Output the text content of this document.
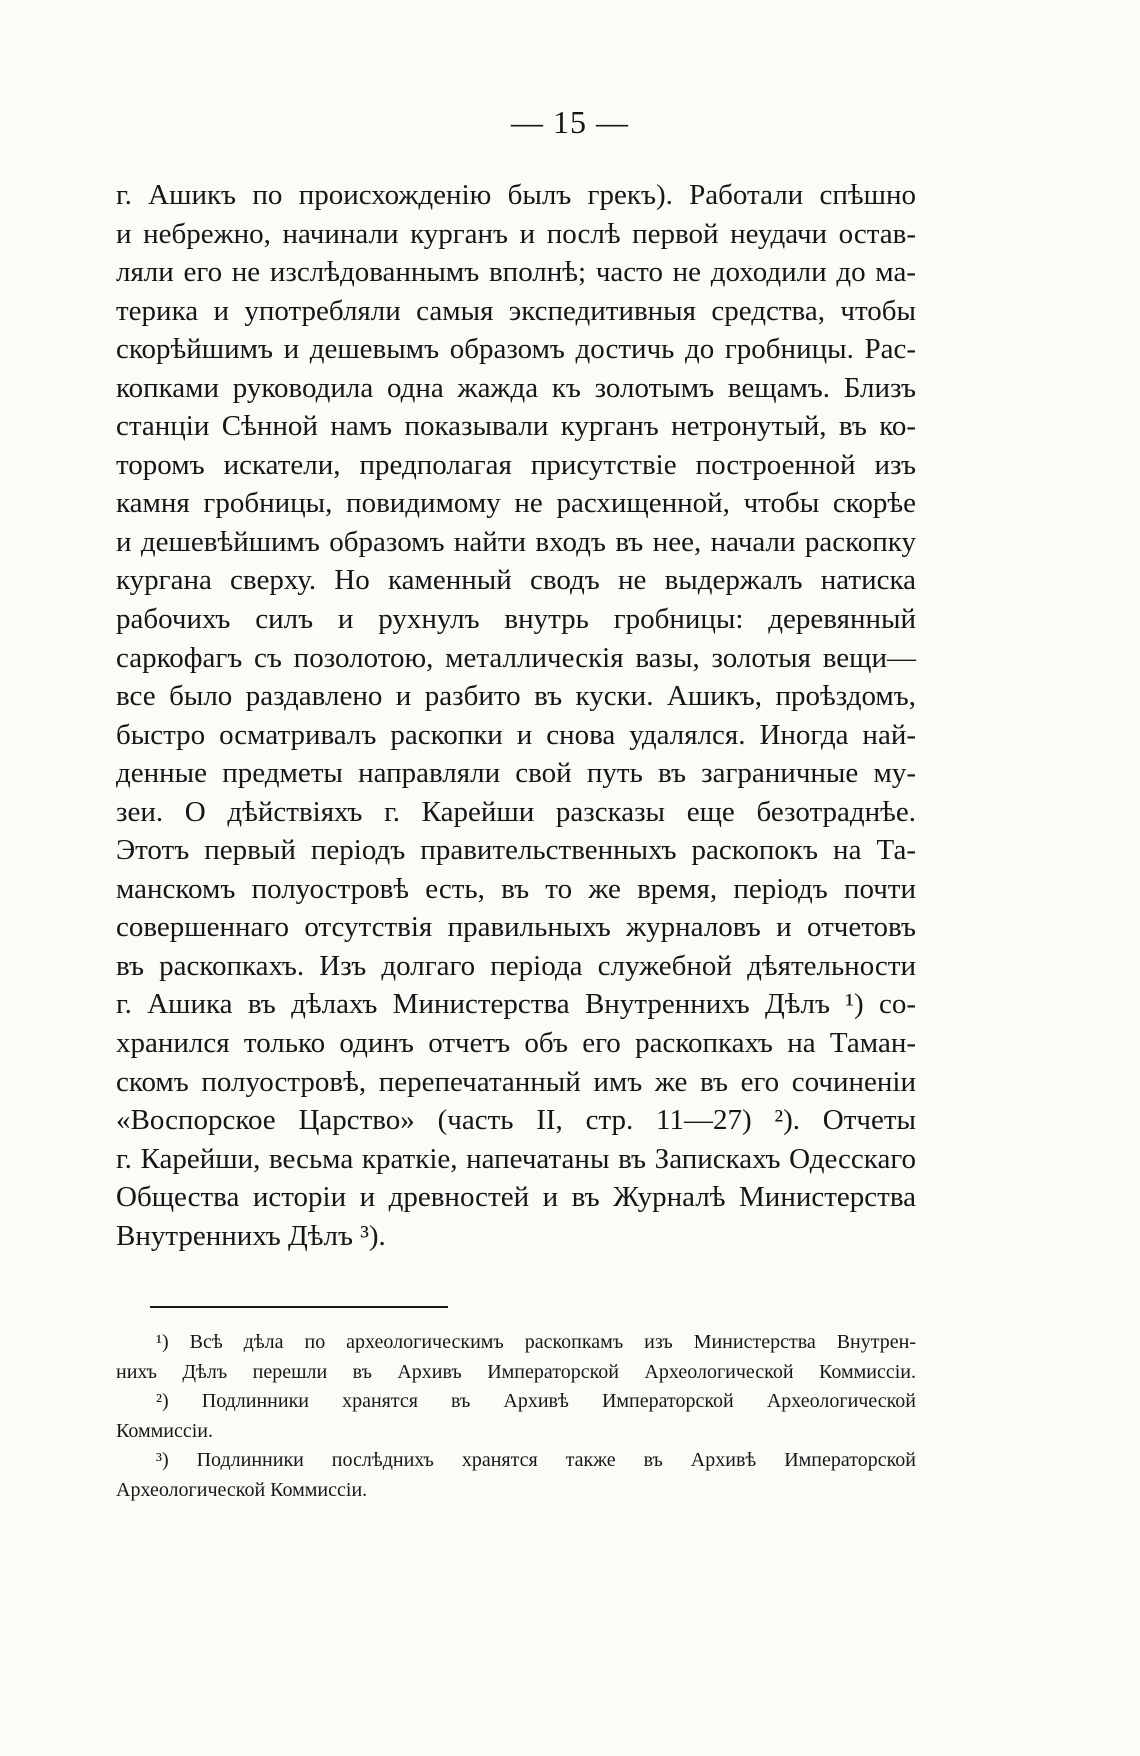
— 15 —
г. Ашикъ по происхожденію былъ грекъ). Работали спѣшно
и небрежно, начинали курганъ и послѣ первой неудачи остав-
ляли его не изслѣдованнымъ вполнѣ; часто не доходили до ма-
терика и употребляли самыя экспедитивныя средства, чтобы
скорѣйшимъ и дешевымъ образомъ достичь до гробницы. Рас-
копками руководила одна жажда къ золотымъ вещамъ. Близъ
станціи Сѣнной намъ показывали курганъ нетронутый, въ ко-
торомъ искатели, предполагая присутствіе построенной изъ
камня гробницы, повидимому не расхищенной, чтобы скорѣе
и дешевѣйшимъ образомъ найти входъ въ нее, начали раскопку
кургана сверху. Но каменный сводъ не выдержалъ натиска
рабочихъ силъ и рухнулъ внутрь гробницы: деревянный
саркофагъ съ позолотою, металлическія вазы, золотыя вещи—
все было раздавлено и разбито въ куски. Ашикъ, проѣздомъ,
быстро осматривалъ раскопки и снова удалялся. Иногда най-
денные предметы направляли свой путь въ заграничные му-
зеи. О дѣйствіяхъ г. Карейши разсказы еще безотраднѣе.
Этотъ первый періодъ правительственныхъ раскопокъ на Та-
манскомъ полуостровѣ есть, въ то же время, періодъ почти
совершеннаго отсутствія правильныхъ журналовъ и отчетовъ
въ раскопкахъ. Изъ долгаго періода служебной дѣятельности
г. Ашика въ дѣлахъ Министерства Внутреннихъ Дѣлъ ¹) со-
хранился только одинъ отчетъ объ его раскопкахъ на Таман-
скомъ полуостровѣ, перепечатанный имъ же въ его сочиненіи
«Воспорское Царство» (часть II, стр. 11—27) ²). Отчеты
г. Карейши, весьма краткіе, напечатаны въ Запискахъ Одесскаго
Общества исторіи и древностей и въ Журналѣ Министерства
Внутреннихъ Дѣлъ ³).
¹) Всѣ дѣла по археологическимъ раскопкамъ изъ Министерства Внутрен-
нихъ Дѣлъ перешли въ Архивъ Императорской Археологической Коммиссіи.
²) Подлинники хранятся въ Архивѣ Императорской Археологической
Коммиссіи.
³) Подлинники послѣднихъ хранятся также въ Архивѣ Императорской
Археологической Коммиссіи.
